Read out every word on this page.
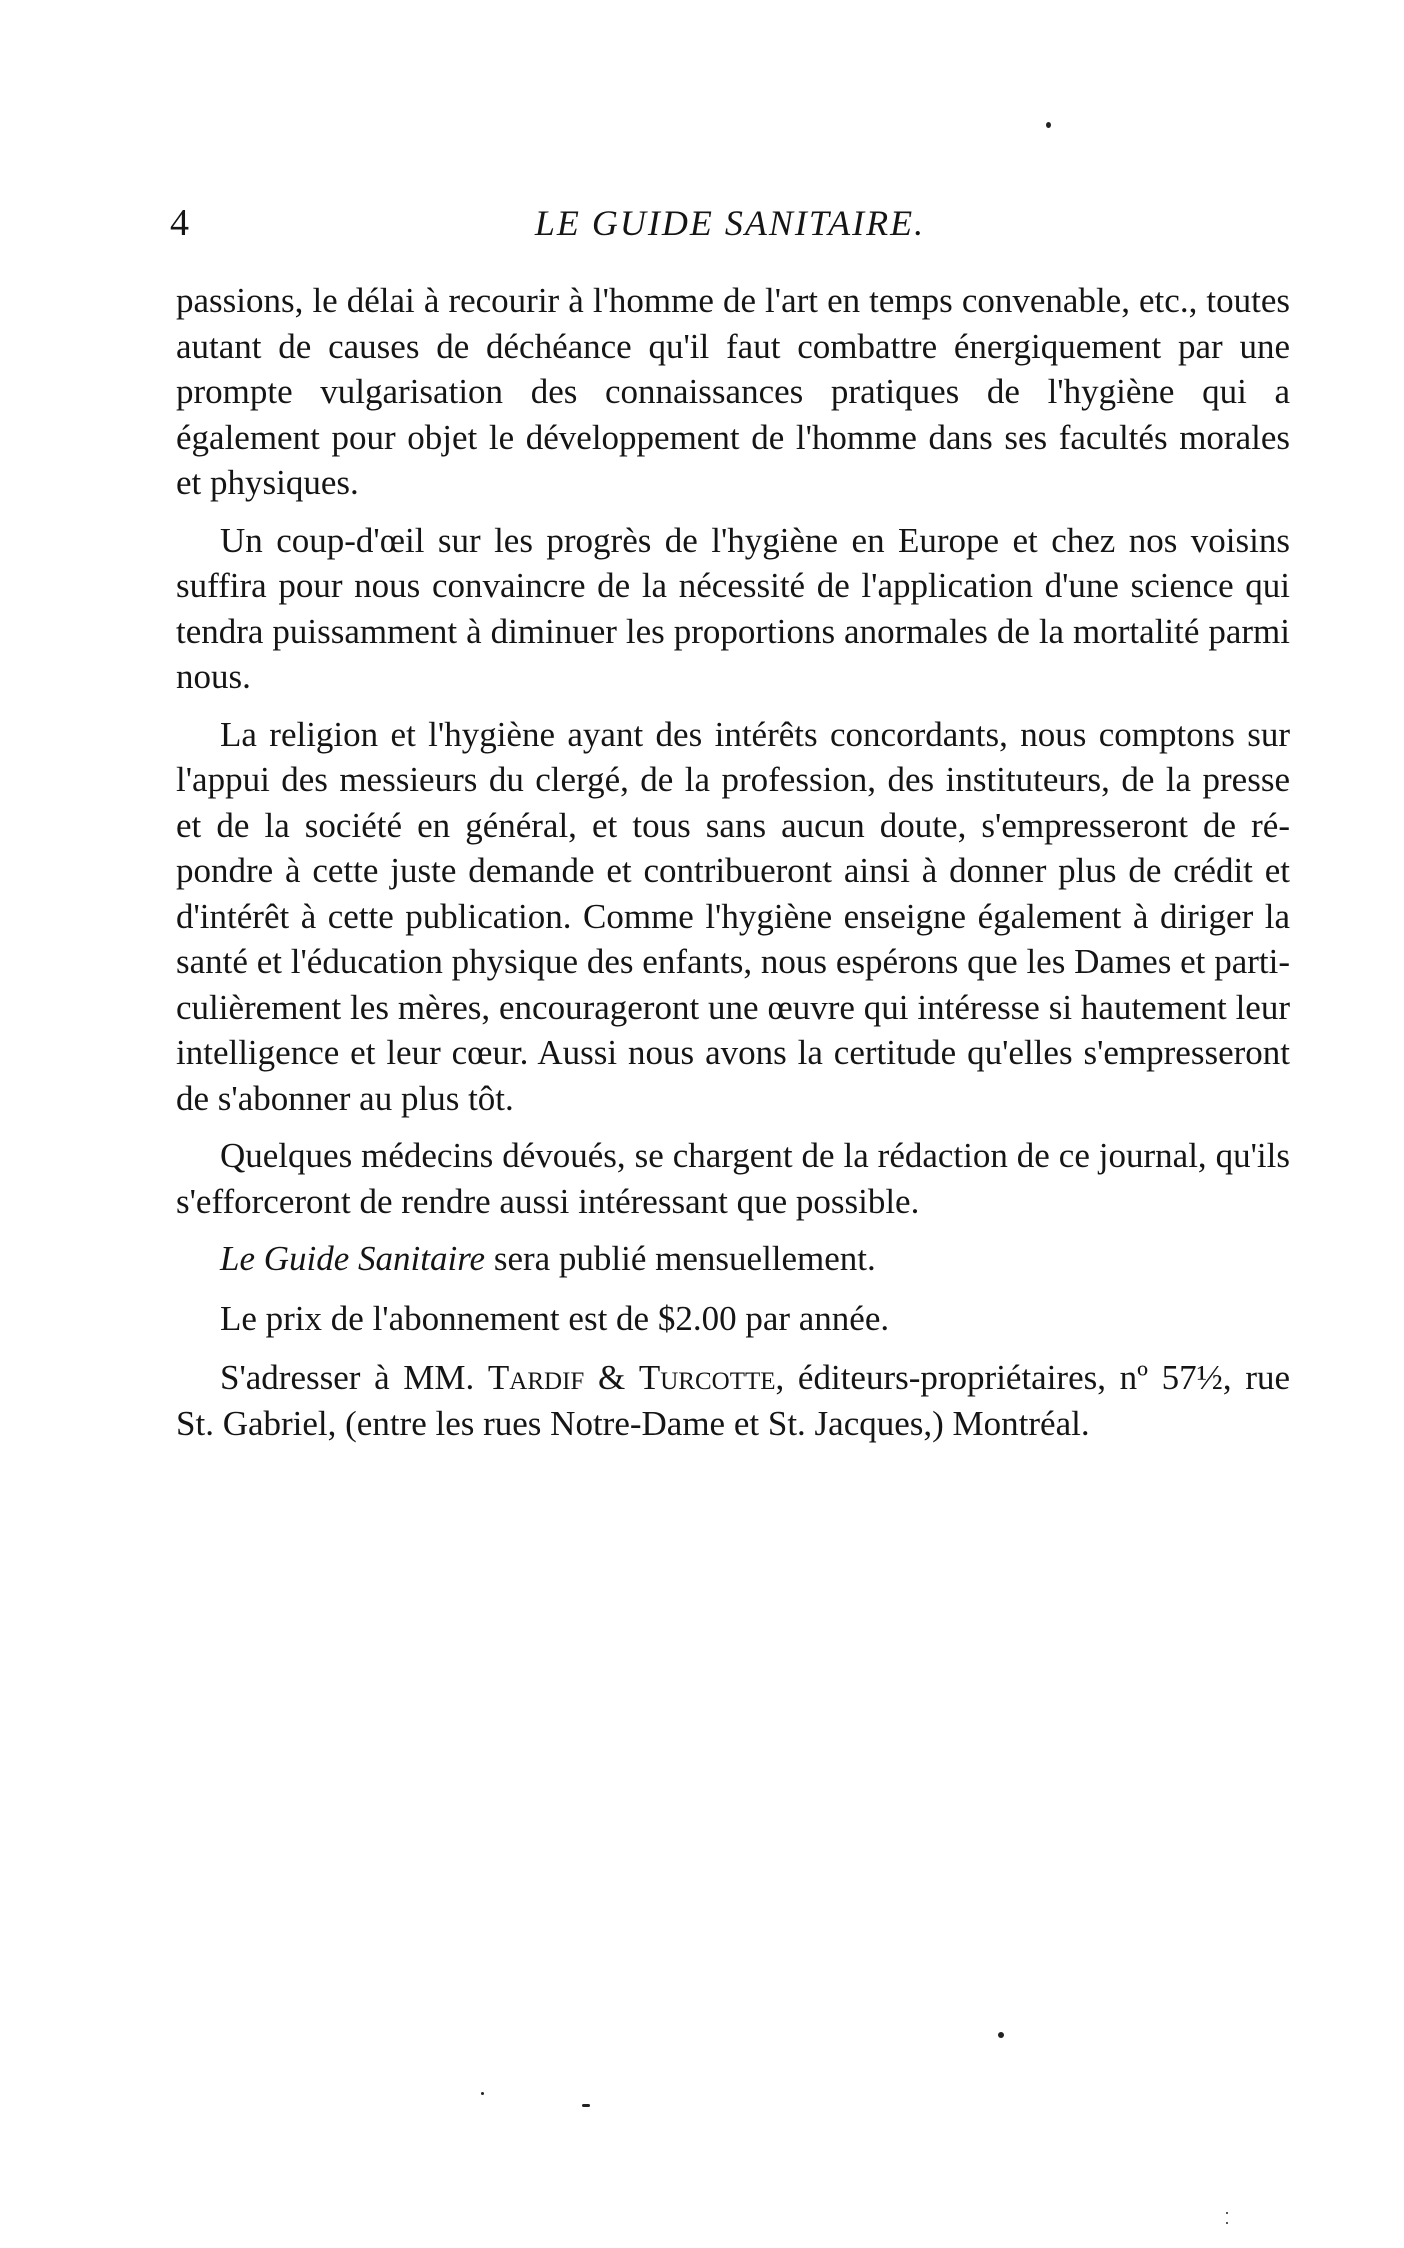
4	LE GUIDE SANITAIRE.

passions, le délai à recourir à l'homme de l'art en temps convenable, etc., toutes autant de causes de déchéance qu'il faut combattre énergiquement par une prompte vulgarisation des connaissances pratiques de l'hygiène qui a également pour objet le développement de l'homme dans ses facultés morales et physiques.

Un coup-d'œil sur les progrès de l'hygiène en Europe et chez nos voisins suffira pour nous convaincre de la nécessité de l'application d'une science qui tendra puissamment à diminuer les proportions anormales de la mortalité parmi nous.

La religion et l'hygiène ayant des intérêts concordants, nous comptons sur l'appui des messieurs du clergé, de la profession, des instituteurs, de la presse et de la société en général, et tous sans aucun doute, s'empresseront de répondre à cette juste demande et contribueront ainsi à donner plus de crédit et d'intérêt à cette publication. Comme l'hygiène enseigne également à diriger la santé et l'éducation physique des enfants, nous espérons que les Dames et particulièrement les mères, encourageront une œuvre qui intéresse si hautement leur intelligence et leur cœur. Aussi nous avons la certitude qu'elles s'empresseront de s'abonner au plus tôt.

Quelques médecins dévoués, se chargent de la rédaction de ce journal, qu'ils s'efforceront de rendre aussi intéressant que possible.

Le Guide Sanitaire sera publié mensuellement.

Le prix de l'abonnement est de $2.00 par année.

S'adresser à MM. Tardif & Turcotte, éditeurs-propriétaires, nº 57½, rue St. Gabriel, (entre les rues Notre-Dame et St. Jacques,) Montréal.
